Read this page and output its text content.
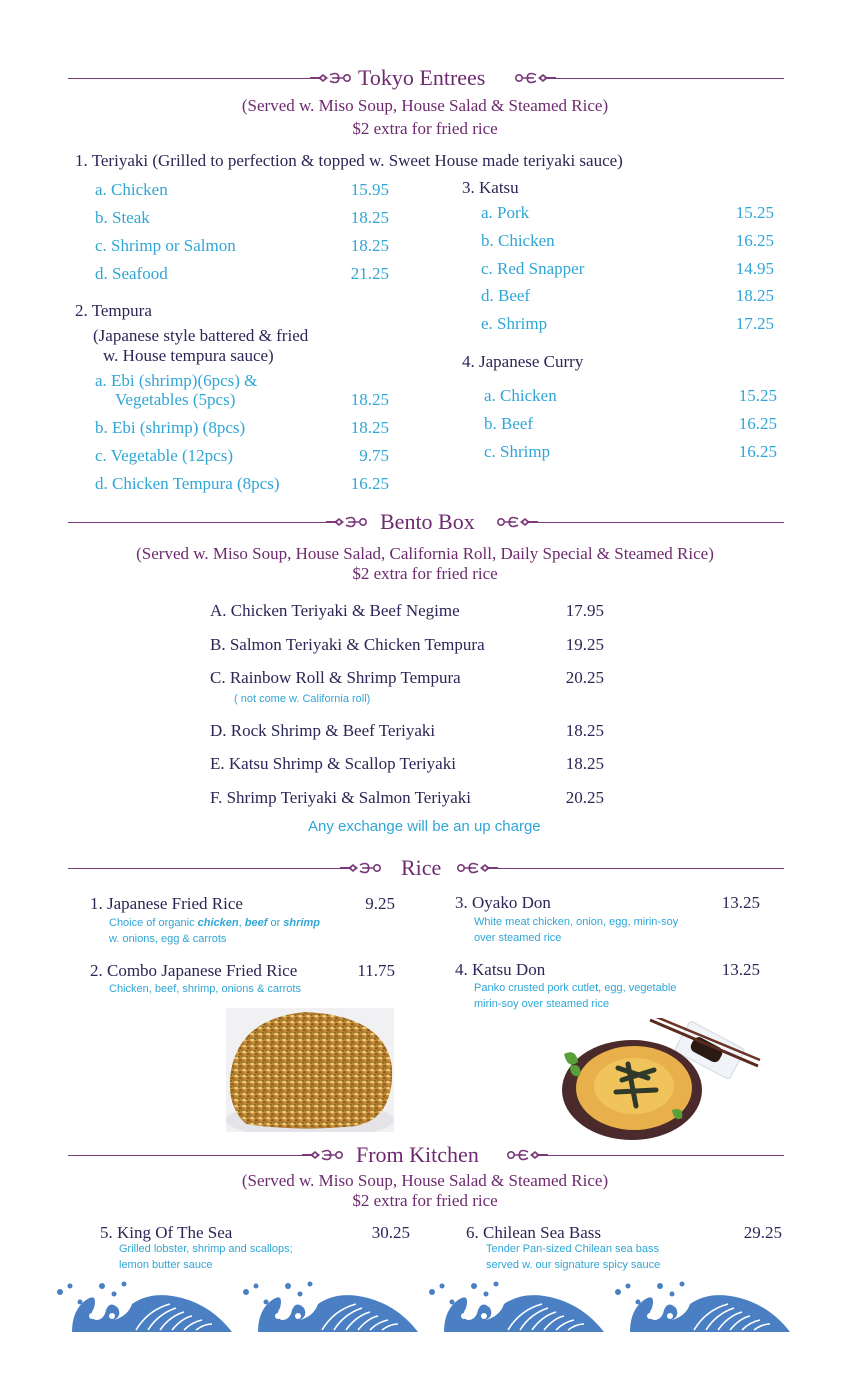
Tokyo Entrees
(Served w. Miso Soup, House Salad & Steamed Rice)
$2 extra for fried rice
1. Teriyaki (Grilled to perfection & topped w. Sweet House made teriyaki sauce)
a. Chicken	15.95
b. Steak	18.25
c. Shrimp or Salmon	18.25
d. Seafood	21.25
2. Tempura
(Japanese style battered & fried
w. House tempura sauce)
a. Ebi (shrimp)(6pcs) &
Vegetables (5pcs)	18.25
b. Ebi (shrimp) (8pcs)	18.25
c. Vegetable (12pcs)	9.75
d. Chicken Tempura (8pcs)	16.25
3. Katsu
a. Pork	15.25
b. Chicken	16.25
c. Red Snapper	14.95
d. Beef	18.25
e. Shrimp	17.25
4. Japanese Curry
a. Chicken	15.25
b. Beef	16.25
c. Shrimp	16.25
Bento Box
(Served w. Miso Soup, House Salad, California Roll, Daily Special & Steamed Rice)
$2 extra for fried rice
A. Chicken Teriyaki & Beef Negime	17.95
B. Salmon Teriyaki & Chicken Tempura	19.25
C. Rainbow Roll & Shrimp Tempura	20.25
( not come w. California roll)
D. Rock Shrimp & Beef Teriyaki	18.25
E. Katsu Shrimp & Scallop Teriyaki	18.25
F. Shrimp Teriyaki & Salmon Teriyaki	20.25
Any exchange will be an up charge
Rice
1. Japanese Fried Rice	9.25
Choice of organic chicken, beef or shrimp
w. onions, egg & carrots
2. Combo Japanese Fried Rice	11.75
Chicken, beef, shrimp, onions & carrots
3. Oyako Don	13.25
White meat chicken, onion, egg, mirin-soy
over steamed rice
4. Katsu Don	13.25
Panko crusted pork cutlet, egg, vegetable
mirin-soy over steamed rice
From Kitchen
(Served w. Miso Soup, House Salad & Steamed Rice)
$2 extra for fried rice
5. King Of The Sea	30.25
Grilled lobster, shrimp and scallops;
lemon butter sauce
6. Chilean Sea Bass	29.25
Tender Pan-sized Chilean sea bass
served w. our signature spicy sauce
